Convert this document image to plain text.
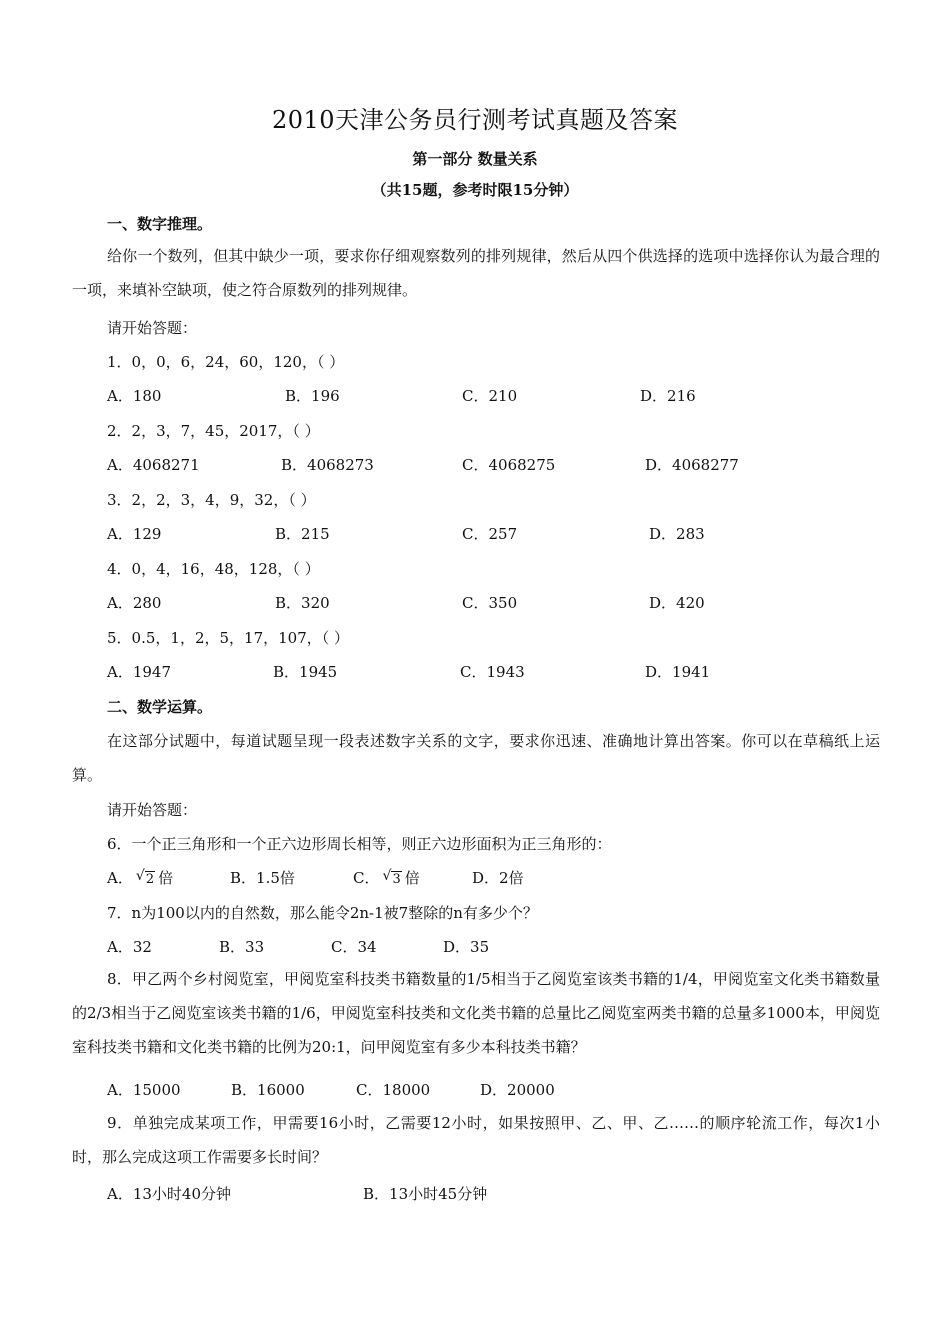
2010天津公务员行测考试真题及答案
第一部分 数量关系
（共15题，参考时限15分钟）
一、数字推理。
给你一个数列，但其中缺少一项，要求你仔细观察数列的排列规律，然后从四个供选择的选项中选择你认为最合理的一项，来填补空缺项，使之符合原数列的排列规律。
请开始答题：
1．0，0，6，24，60，120，（ ）
A．180	B．196	C．210	D．216
2．2，3，7，45，2017，（ ）
A．4068271	B．4068273	C．4068275	D．4068277
3．2，2，3，4，9，32，（ ）
A．129	B．215	C．257	D．283
4．0，4，16，48，128，（ ）
A．280	B．320	C．350	D．420
5．0.5，1，2，5，17，107，（ ）
A．1947	B．1945	C．1943	D．1941
二、数学运算。
在这部分试题中，每道试题呈现一段表述数字关系的文字，要求你迅速、准确地计算出答案。你可以在草稿纸上运算。
请开始答题：
6．一个正三角形和一个正六边形周长相等，则正六边形面积为正三角形的：
A． √ 2 倍	B．1.5倍	C． √ 3 倍	D．2倍
7．n为100以内的自然数，那么能令2n-1被7整除的n有多少个？
A．32	B．33	C．34	D．35
8．甲乙两个乡村阅览室，甲阅览室科技类书籍数量的1/5相当于乙阅览室该类书籍的1/4，甲阅览室文化类书籍数量的2/3相当于乙阅览室该类书籍的1/6，甲阅览室科技类和文化类书籍的总量比乙阅览室两类书籍的总量多1000本，甲阅览室科技类书籍和文化类书籍的比例为20:1，问甲阅览室有多少本科技类书籍？
A．15000	B．16000	C．18000	D．20000
9．单独完成某项工作，甲需要16小时，乙需要12小时，如果按照甲、乙、甲、乙……的顺序轮流工作，每次1小时，那么完成这项工作需要多长时间？
A．13小时40分钟	B．13小时45分钟
